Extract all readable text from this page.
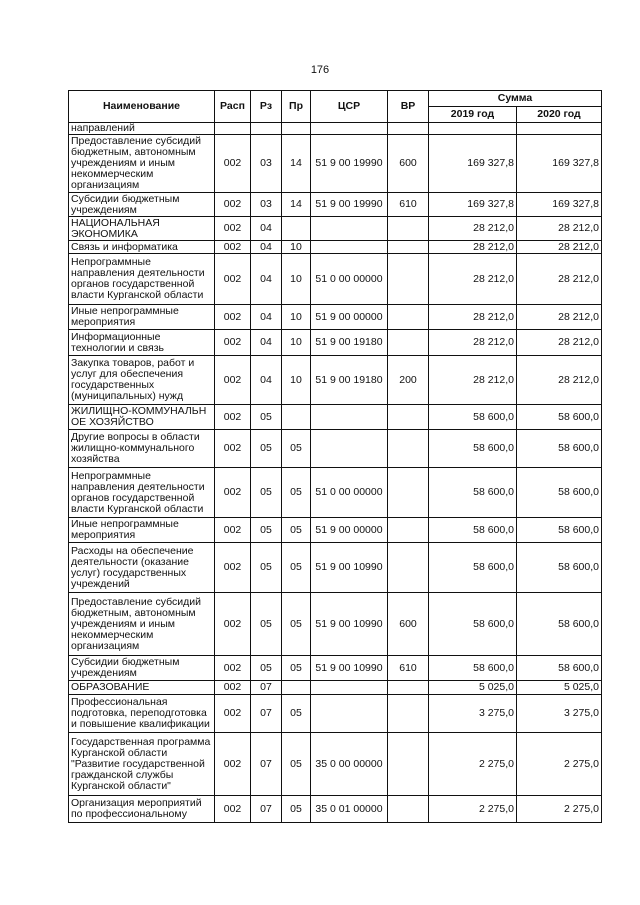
176
Наименование	Расп	Рз	Пр	ЦСР	ВР	Сумма	
						2019 год	2020 год
направлений							
Предоставление субсидий бюджетным, автономным учреждениям и иным некоммерческим организациям	002	03	14	51 9 00 19990	600	169 327,8	169 327,8
Субсидии бюджетным учреждениям	002	03	14	51 9 00 19990	610	169 327,8	169 327,8
НАЦИОНАЛЬНАЯ ЭКОНОМИКА	002	04				28 212,0	28 212,0
Связь и информатика	002	04	10			28 212,0	28 212,0
Непрограммные направления деятельности органов государственной власти Курганской области	002	04	10	51 0 00 00000		28 212,0	28 212,0
Иные непрограммные мероприятия	002	04	10	51 9 00 00000		28 212,0	28 212,0
Информационные технологии и связь	002	04	10	51 9 00 19180		28 212,0	28 212,0
Закупка товаров, работ и услуг для обеспечения государственных (муниципальных) нужд	002	04	10	51 9 00 19180	200	28 212,0	28 212,0
ЖИЛИЩНО-КОММУНАЛЬН ОЕ ХОЗЯЙСТВО	002	05				58 600,0	58 600,0
Другие вопросы в области жилищно-коммунального хозяйства	002	05	05			58 600,0	58 600,0
Непрограммные направления деятельности органов государственной власти Курганской области	002	05	05	51 0 00 00000		58 600,0	58 600,0
Иные непрограммные мероприятия	002	05	05	51 9 00 00000		58 600,0	58 600,0
Расходы на обеспечение деятельности (оказание услуг) государственных учреждений	002	05	05	51 9 00 10990		58 600,0	58 600,0
Предоставление субсидий бюджетным, автономным учреждениям и иным некоммерческим организациям	002	05	05	51 9 00 10990	600	58 600,0	58 600,0
Субсидии бюджетным учреждениям	002	05	05	51 9 00 10990	610	58 600,0	58 600,0
ОБРАЗОВАНИЕ	002	07				5 025,0	5 025,0
Профессиональная подготовка, переподготовка и повышение квалификации	002	07	05			3 275,0	3 275,0
Государственная программа Курганской области "Развитие государственной гражданской службы Курганской области"	002	07	05	35 0 00 00000		2 275,0	2 275,0
Организация мероприятий по профессиональному	002	07	05	35 0 01 00000		2 275,0	2 275,0
